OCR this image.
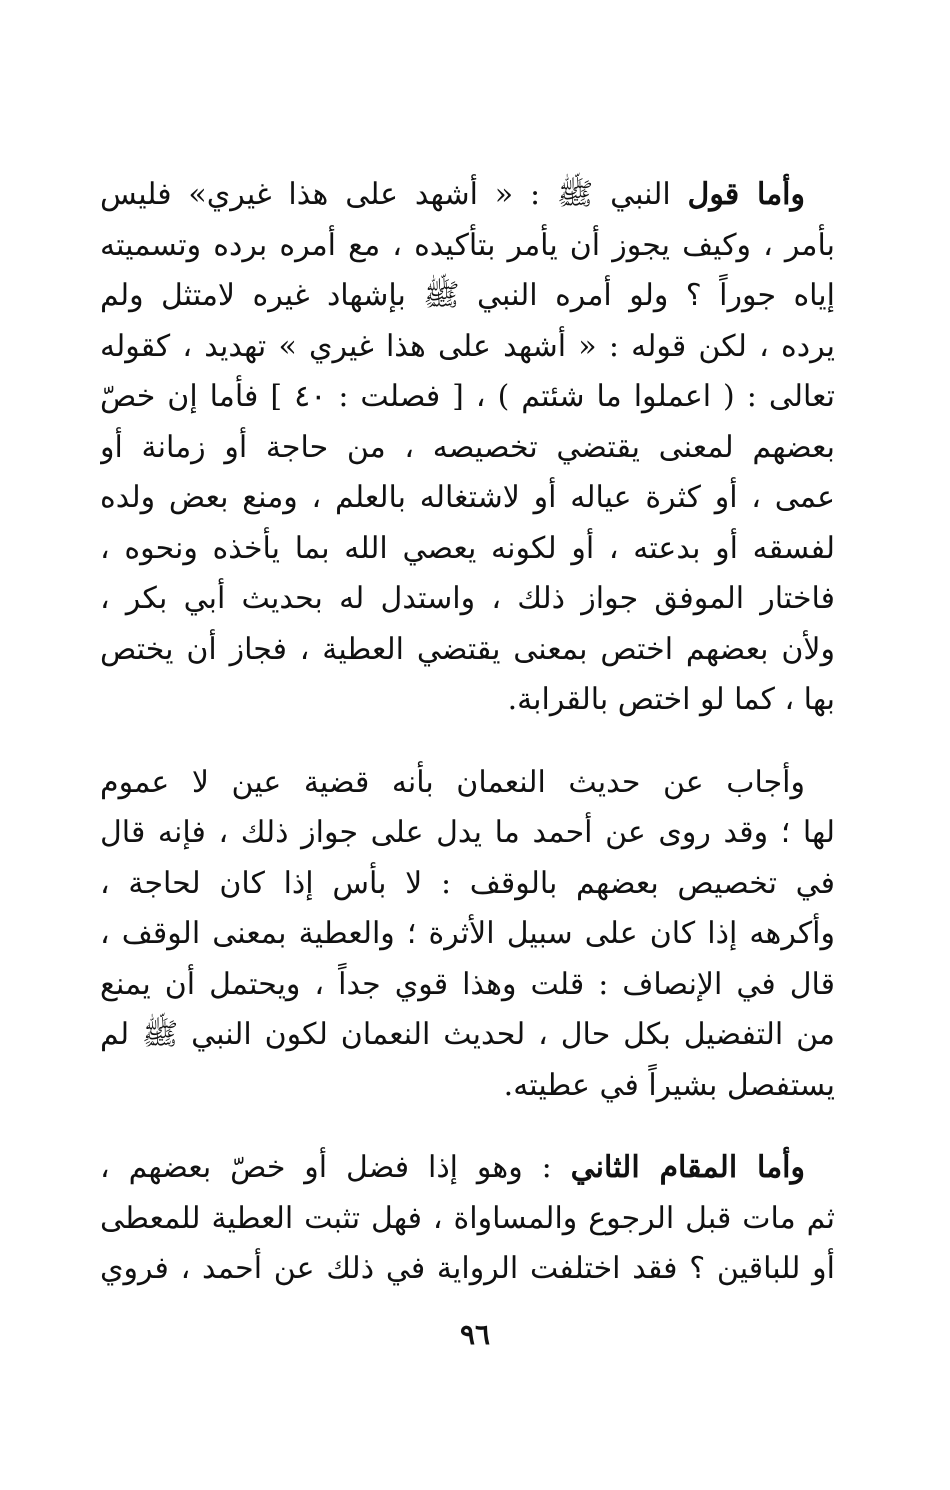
وأما قول النبي ﷺ : « أشهد على هذا غيري» فليس
بأمر ، وكيف يجوز أن يأمر بتأكيده ، مع أمره برده وتسميته
إياه جوراً ؟ ولو أمره النبي ﷺ بإشهاد غيره لامتثل ولم
يرده ، لكن قوله : « أشهد على هذا غيري » تهديد ، كقوله
تعالى : ( اعملوا ما شئتم ) ، [ فصلت : ٤٠ ] فأما إن خصّ
بعضهم لمعنى يقتضي تخصيصه ، من حاجة أو زمانة أو
عمى ، أو كثرة عياله أو لاشتغاله بالعلم ، ومنع بعض ولده
لفسقه أو بدعته ، أو لكونه يعصي الله بما يأخذه ونحوه ،
فاختار الموفق جواز ذلك ، واستدل له بحديث أبي بكر ،
ولأن بعضهم اختص بمعنى يقتضي العطية ، فجاز أن يختص
بها ، كما لو اختص بالقرابة.
وأجاب عن حديث النعمان بأنه قضية عين لا عموم
لها ؛ وقد روى عن أحمد ما يدل على جواز ذلك ، فإنه قال
في تخصيص بعضهم بالوقف : لا بأس إذا كان لحاجة ،
وأكرهه إذا كان على سبيل الأثرة ؛ والعطية بمعنى الوقف ،
قال في الإنصاف : قلت وهذا قوي جداً ، ويحتمل أن يمنع
من التفضيل بكل حال ، لحديث النعمان لكون النبي ﷺ لم
يستفصل بشيراً في عطيته.
وأما المقام الثاني : وهو إذا فضل أو خصّ بعضهم ،
ثم مات قبل الرجوع والمساواة ، فهل تثبت العطية للمعطى
أو للباقين ؟ فقد اختلفت الرواية في ذلك عن أحمد ، فروي
٩٦
